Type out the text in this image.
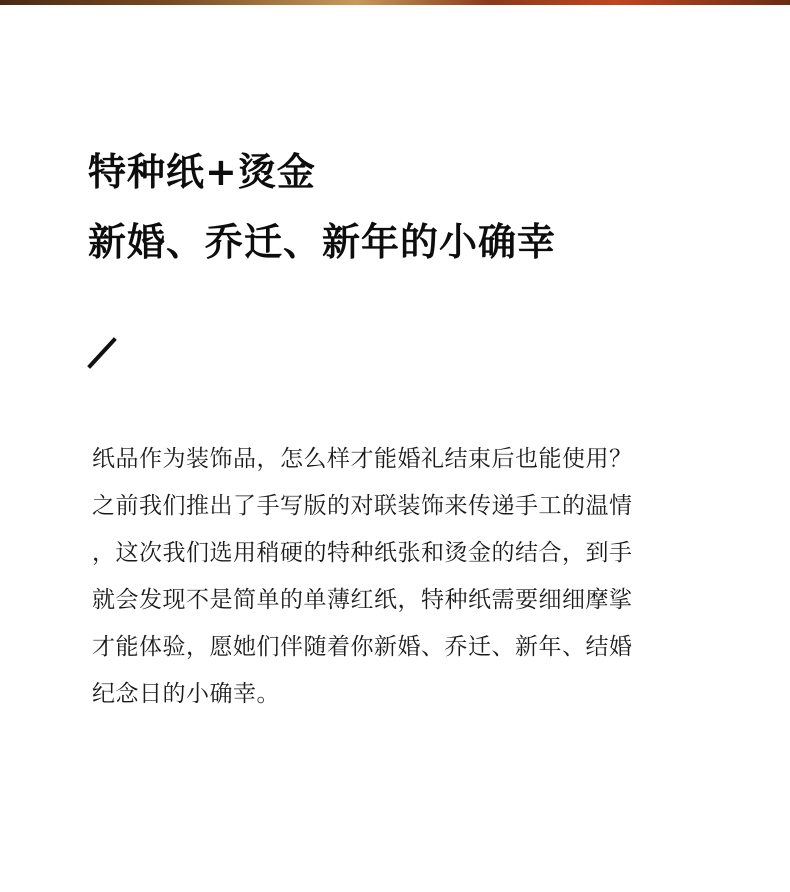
特种纸+烫金
新婚、乔迁、新年的小确幸
纸品作为装饰品，怎么样才能婚礼结束后也能使用？
之前我们推出了手写版的对联装饰来传递手工的温情
，这次我们选用稍硬的特种纸张和烫金的结合，到手
就会发现不是简单的单薄红纸，特种纸需要细细摩挲
才能体验，愿她们伴随着你新婚、乔迁、新年、结婚
纪念日的小确幸。
